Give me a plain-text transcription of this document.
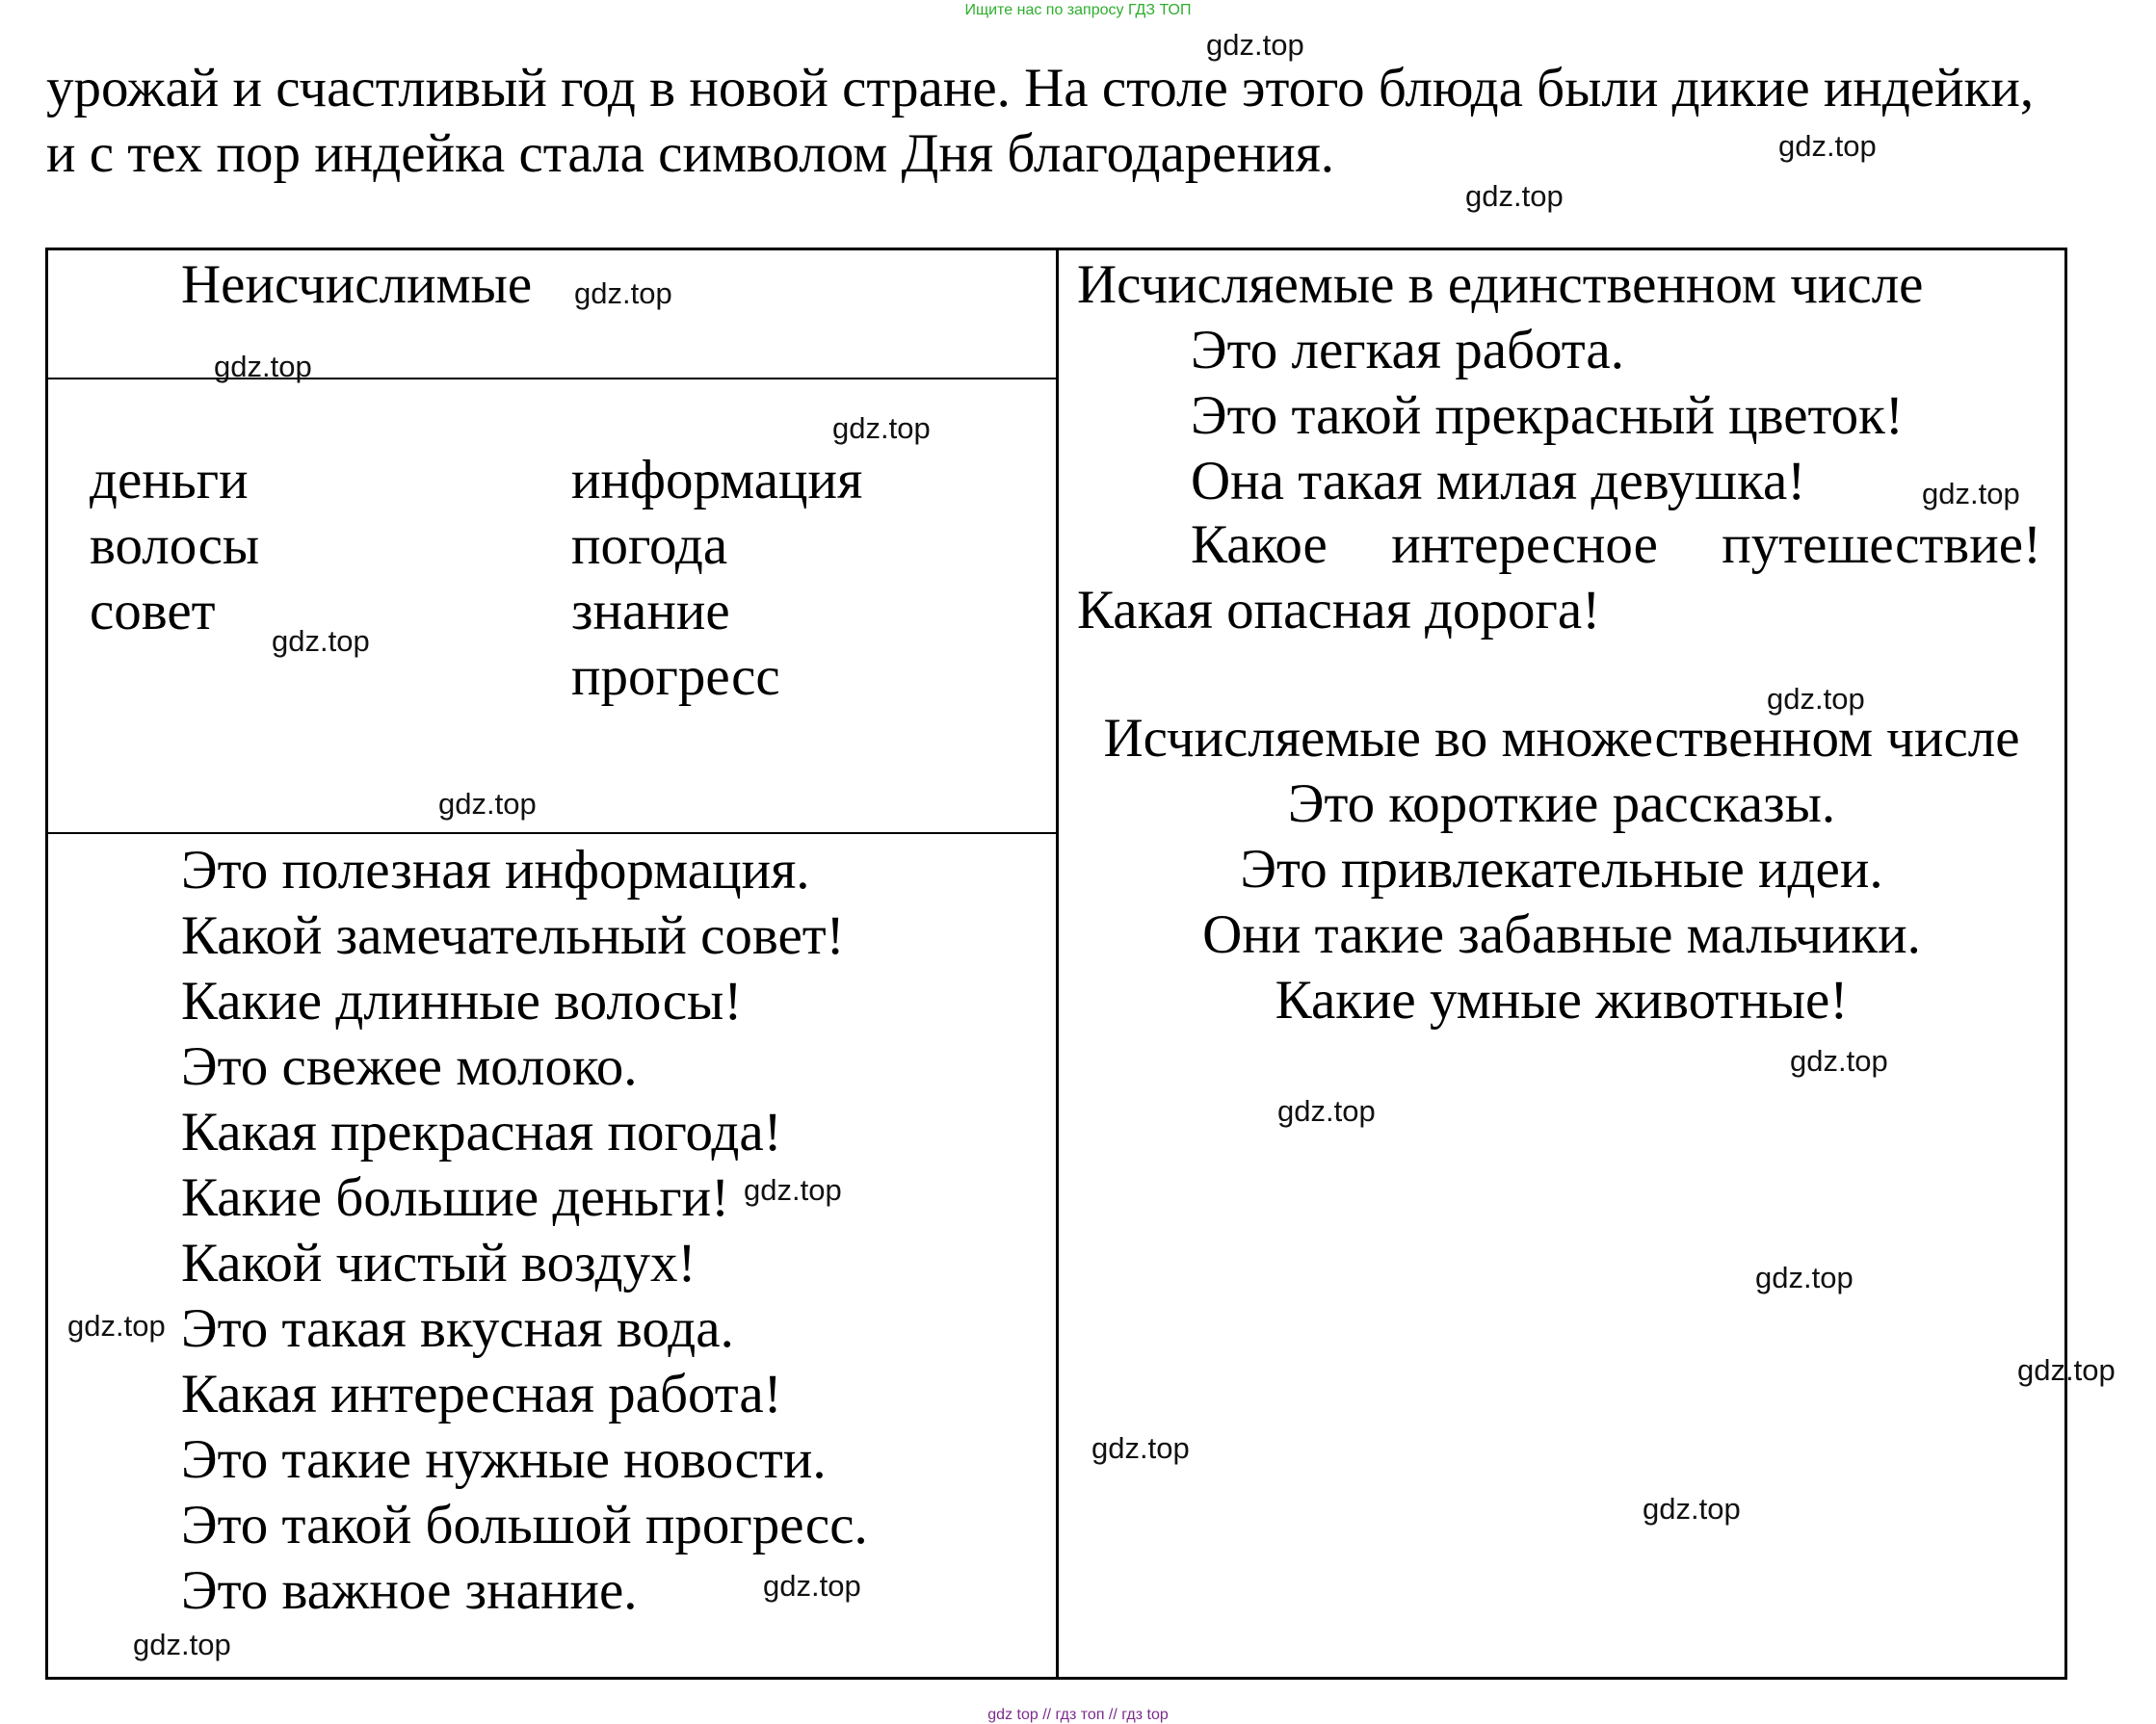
Ищите нас по запросу ГДЗ ТОП
урожай и счастливый год в новой стране. На столе этого блюда были дикие индейки,
и с тех пор индейка стала символом Дня благодарения.
Неисчислимые
деньги
волосы
совет
информация
погода
знание
прогресс
Это полезная информация.
Какой замечательный совет!
Какие длинные волосы!
Это свежее молоко.
Какая прекрасная погода!
Какие большие деньги!
Какой чистый воздух!
Это такая вкусная вода.
Какая интересная работа!
Это такие нужные новости.
Это такой большой прогресс.
Это важное знание.
Исчисляемые в единственном числе
Это легкая работа.
Это такой прекрасный цветок!
Она такая милая девушка!
Какое интересное путешествие!
Какая опасная дорога!
Исчисляемые во множественном числе
Это короткие рассказы.
Это привлекательные идеи.
Они такие забавные мальчики.
Какие умные животные!
gdz.top
gdz.top
gdz.top
gdz.top
gdz.top
gdz.top
gdz.top
gdz.top
gdz.top
gdz.top
gdz.top
gdz.top
gdz.top
gdz.top
gdz.top
gdz.top
gdz.top
gdz.top
gdz.top
gdz.top
gdz top // гдз топ // гдз top
